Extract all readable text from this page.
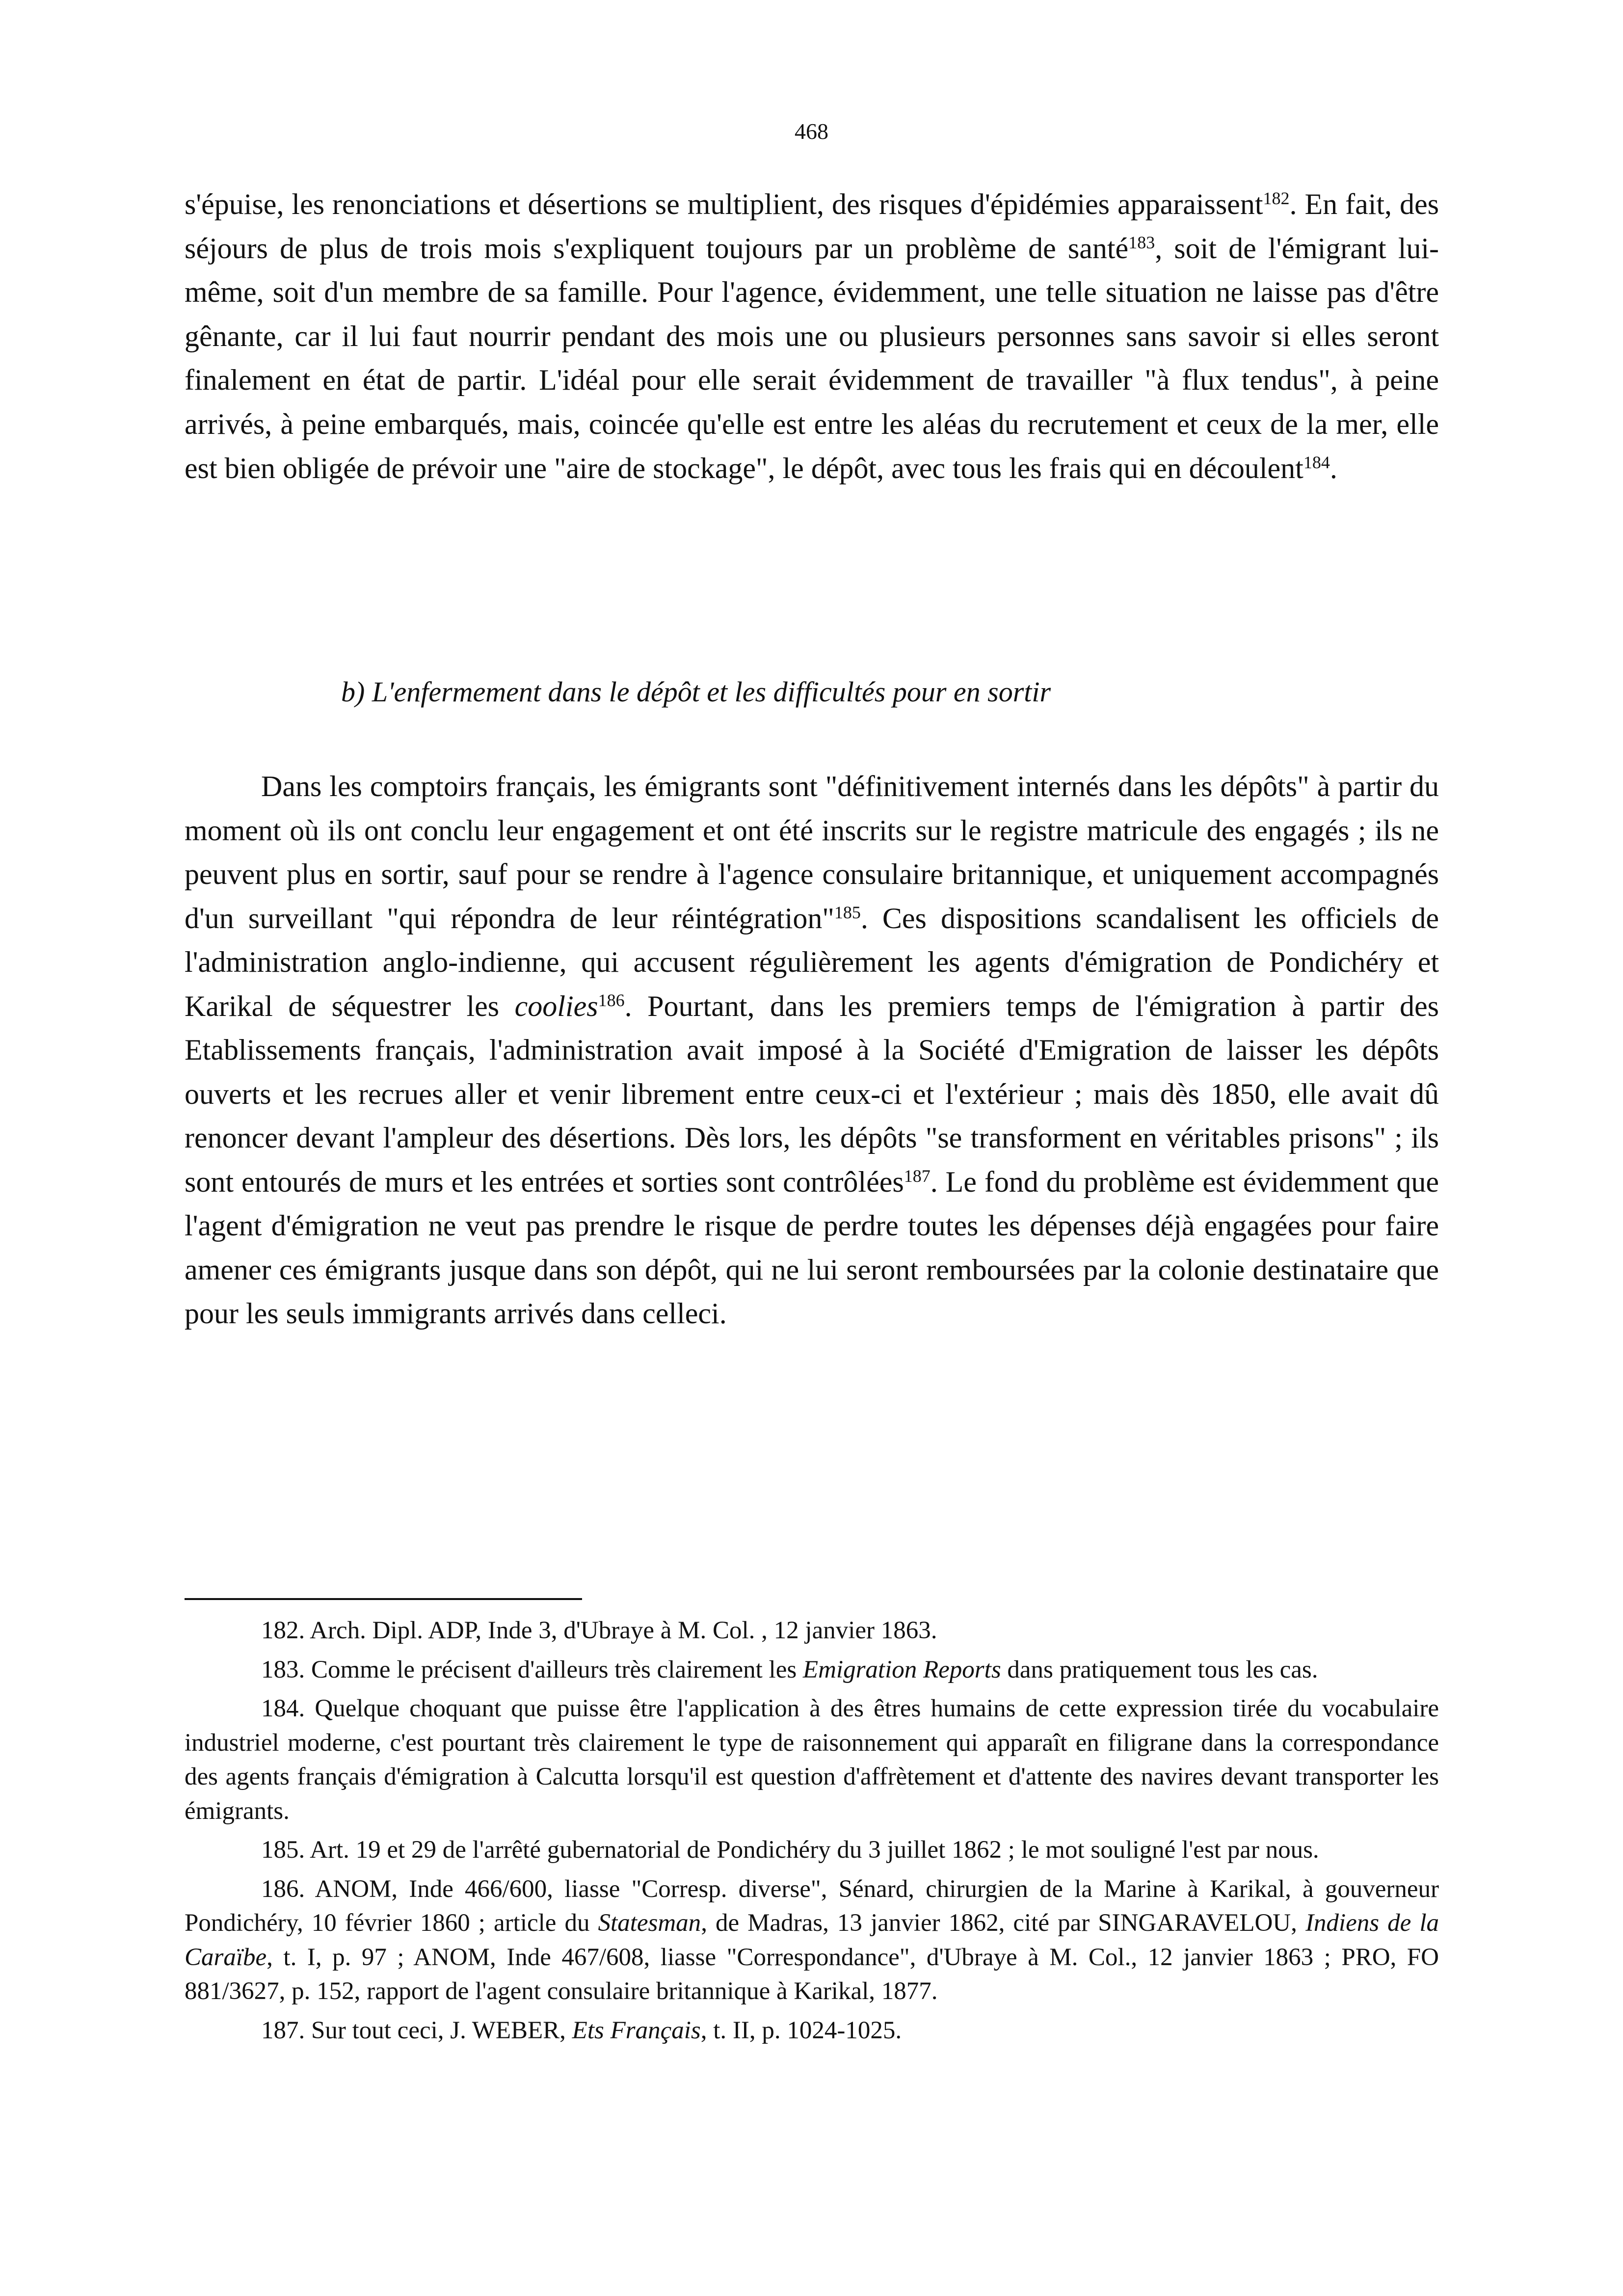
468
s'épuise, les renonciations et désertions se multiplient, des risques d'épidémies apparaissent$^{182}$. En fait, des séjours de plus de trois mois s'expliquent toujours par un problème de santé$^{183}$, soit de l'émigrant lui-même, soit d'un membre de sa famille. Pour l'agence, évidemment, une telle situation ne laisse pas d'être gênante, car il lui faut nourrir pendant des mois une ou plusieurs personnes sans savoir si elles seront finalement en état de partir. L'idéal pour elle serait évidemment de travailler "à flux tendus", à peine arrivés, à peine embarqués, mais, coincée qu'elle est entre les aléas du recrutement et ceux de la mer, elle est bien obligée de prévoir une "aire de stockage", le dépôt, avec tous les frais qui en découlent$^{184}$.
b) L'enfermement dans le dépôt et les difficultés pour en sortir
Dans les comptoirs français, les émigrants sont "définitivement internés dans les dépôts" à partir du moment où ils ont conclu leur engagement et ont été inscrits sur le registre matricule des engagés ; ils ne peuvent plus en sortir, sauf pour se rendre à l'agence consulaire britannique, et uniquement accompagnés d'un surveillant "qui répondra de leur réintégration"$^{185}$. Ces dispositions scandalisent les officiels de l'administration anglo-indienne, qui accusent régulièrement les agents d'émigration de Pondichéry et Karikal de séquestrer les coolies$^{186}$. Pourtant, dans les premiers temps de l'émigration à partir des Etablissements français, l'administration avait imposé à la Société d'Emigration de laisser les dépôts ouverts et les recrues aller et venir librement entre ceux-ci et l'extérieur ; mais dès 1850, elle avait dû renoncer devant l'ampleur des désertions. Dès lors, les dépôts "se transforment en véritables prisons" ; ils sont entourés de murs et les entrées et sorties sont contrôlées$^{187}$. Le fond du problème est évidemment que l'agent d'émigration ne veut pas prendre le risque de perdre toutes les dépenses déjà engagées pour faire amener ces émigrants jusque dans son dépôt, qui ne lui seront remboursées par la colonie destinataire que pour les seuls immigrants arrivés dans celleci.

182. Arch. Dipl. ADP, Inde 3, d'Ubraye à M. Col. , 12 janvier 1863.

183. Comme le précisent d'ailleurs très clairement les Emigration Reports dans pratiquement tous les cas.

184. Quelque choquant que puisse être l'application à des êtres humains de cette expression tirée du vocabulaire industriel moderne, c'est pourtant très clairement le type de raisonnement qui apparaît en filigrane dans la correspondance des agents français d'émigration à Calcutta lorsqu'il est question d'affrètement et d'attente des navires devant transporter les émigrants.

185. Art. 19 et 29 de l'arrêté gubernatorial de Pondichéry du 3 juillet 1862 ; le mot souligné l'est par nous.

186. ANOM, Inde 466/600, liasse "Corresp. diverse", Sénard, chirurgien de la Marine à Karikal, à gouverneur Pondichéry, 10 février 1860 ; article du Statesman, de Madras, 13 janvier 1862, cité par SINGARAVELOU, Indiens de la Caraïbe, t. I, p. 97 ; ANOM, Inde 467/608, liasse "Correspondance", d'Ubraye à M. Col., 12 janvier 1863 ; PRO, FO 881/3627, p. 152, rapport de l'agent consulaire britannique à Karikal, 1877.

187. Sur tout ceci, J. WEBER, Ets Français, t. II, p. 1024-1025.
